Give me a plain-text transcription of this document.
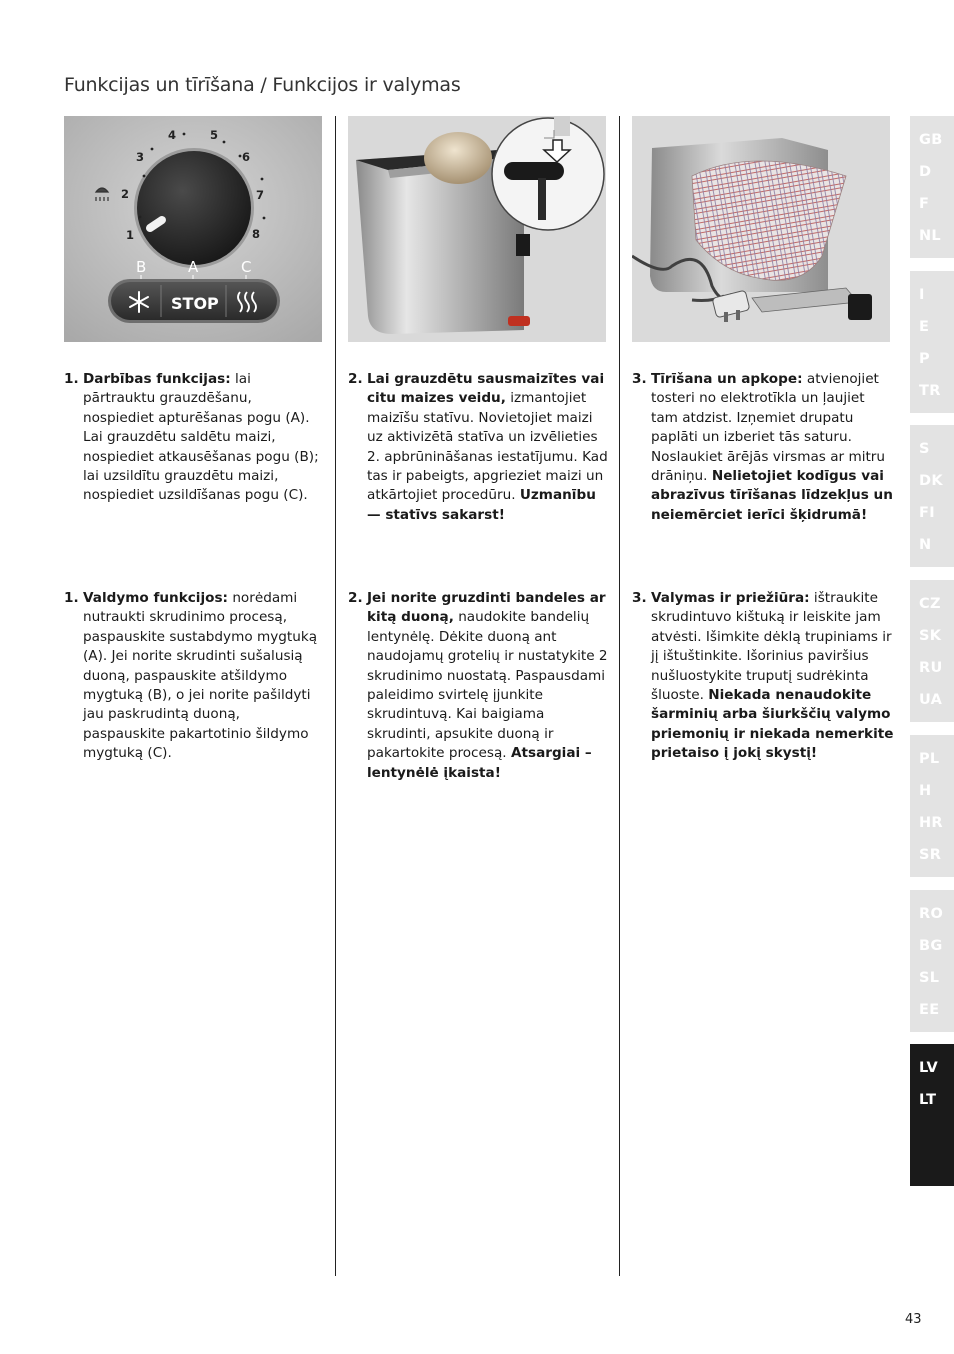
Funkcijas un tīrīšana / Funkcijos ir valymas
1
2
3
4	5
6
7
8
B	A	C
STOP
1. Darbības funkcijas: lai pārtrauktu grauzdēšanu, nospiediet apturēšanas pogu (A). Lai grauzdētu saldētu maizi, nospiediet atkausēšanas pogu (B); lai uzsildītu grauzdētu maizi, nospiediet uzsildīšanas pogu (C).
2. Lai grauzdētu sausmaizītes vai citu maizes veidu, izmantojiet maizīšu statīvu. Novietojiet maizi uz aktivizētā statīva un izvēlieties 2. apbrūnināšanas iestatījumu. Kad tas ir pabeigts, apgrieziet maizi un atkārtojiet procedūru. Uzmanību — statīvs sakarst!
3. Tīrīšana un apkope: atvienojiet tosteri no elektrotīkla un ļaujiet tam atdzist. Izņemiet drupatu paplāti un izberiet tās saturu. Noslaukiet ārējās virsmas ar mitru drāniņu. Nelietojiet kodīgus vai abrazīvus tīrīšanas līdzekļus un neiemērciet ierīci šķidrumā!
1. Valdymo funkcijos: norėdami nutraukti skrudinimo procesą, paspauskite sustabdymo mygtuką (A). Jei norite skrudinti sušalusią duoną, paspauskite atšildymo mygtuką (B), o jei norite pašildyti jau paskrudintą duoną, paspauskite pakartotinio šildymo mygtuką (C).
2. Jei norite gruzdinti bandeles ar kitą duoną, naudokite bandelių lentynėlę. Dėkite duoną ant naudojamų grotelių ir nustatykite 2 skrudinimo nuostatą. Paspausdami paleidimo svirtelę įjunkite skrudintuvą. Kai baigiama skrudinti, apsukite duoną ir pakartokite procesą. Atsargiai – lentynėlė įkaista!
3. Valymas ir priežiūra: ištraukite skrudintuvo kištuką ir leiskite jam atvėsti. Išimkite dėklą trupiniams ir jį ištuštinkite. Išorinius paviršius nušluostykite truputį sudrėkinta šluoste. Niekada nenaudokite šarminių arba šiurkščių valymo priemonių ir niekada nemerkite prietaiso į jokį skystį!
GB
D
F
NL
I
E
P
TR
S
DK
FI
N
CZ
SK
RU
UA
PL
H
HR
SR
RO
BG
SL
EE
LV
LT
43
